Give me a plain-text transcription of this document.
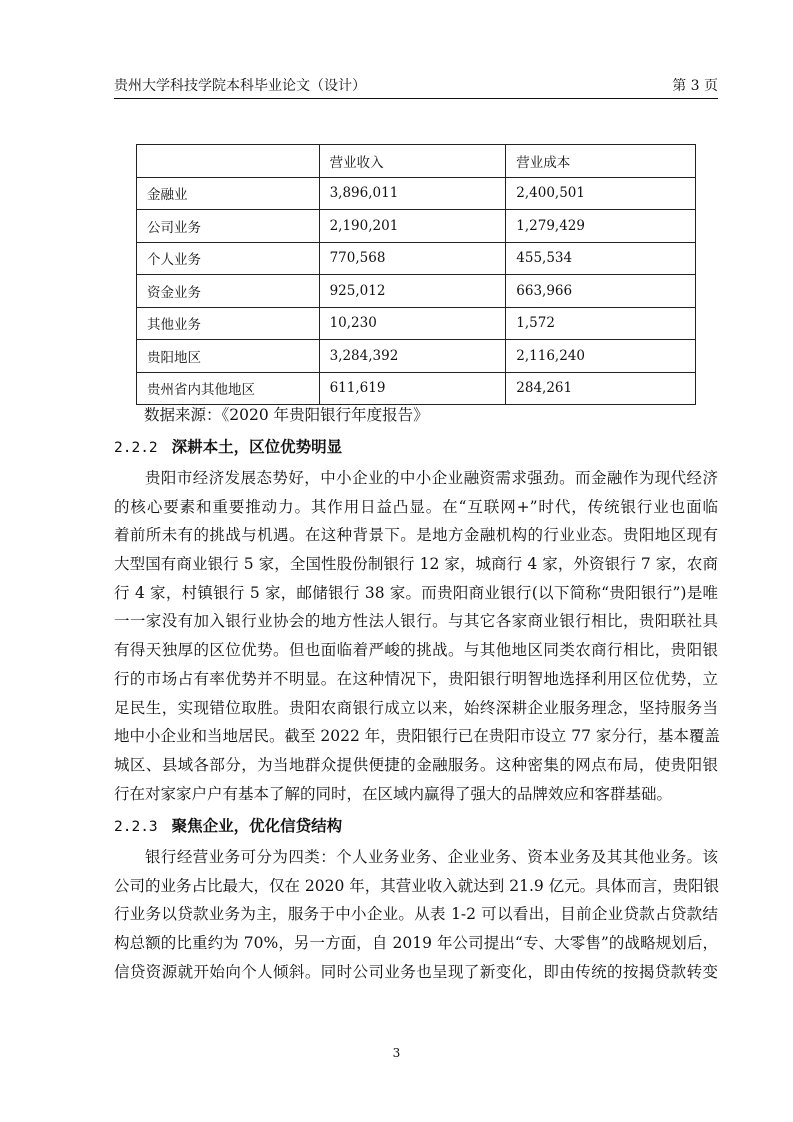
贵州大学科技学院本科毕业论文（设计）	第 3 页
	营业收入	营业成本
金融业	3,896,011	2,400,501
公司业务	2,190,201	1,279,429
个人业务	770,568	455,534
资金业务	925,012	663,966
其他业务	10,230	1,572
贵阳地区	3,284,392	2,116,240
贵州省内其他地区	611,619	284,261
数据来源：《2020 年贵阳银行年度报告》
2.2.2 深耕本土，区位优势明显
贵阳市经济发展态势好，中小企业的中小企业融资需求强劲。而金融作为现代经济
的核心要素和重要推动力。其作用日益凸显。在“互联网+”时代，传统银行业也面临
着前所未有的挑战与机遇。在这种背景下。是地方金融机构的行业业态。贵阳地区现有
大型国有商业银行 5 家，全国性股份制银行 12 家，城商行 4 家，外资银行 7 家，农商
行 4 家，村镇银行 5 家，邮储银行 38 家。而贵阳商业银行(以下简称“贵阳银行”)是唯
一一家没有加入银行业协会的地方性法人银行。与其它各家商业银行相比，贵阳联社具
有得天独厚的区位优势。但也面临着严峻的挑战。与其他地区同类农商行相比，贵阳银
行的市场占有率优势并不明显。在这种情况下，贵阳银行明智地选择利用区位优势，立
足民生，实现错位取胜。贵阳农商银行成立以来，始终深耕企业服务理念，坚持服务当
地中小企业和当地居民。截至 2022 年，贵阳银行已在贵阳市设立 77 家分行，基本覆盖
城区、县域各部分，为当地群众提供便捷的金融服务。这种密集的网点布局，使贵阳银
行在对家家户户有基本了解的同时，在区域内赢得了强大的品牌效应和客群基础。
2.2.3 聚焦企业，优化信贷结构
银行经营业务可分为四类：个人业务业务、企业业务、资本业务及其其他业务。该
公司的业务占比最大，仅在 2020 年，其营业收入就达到 21.9 亿元。具体而言，贵阳银
行业务以贷款业务为主，服务于中小企业。从表 1-2 可以看出，目前企业贷款占贷款结
构总额的比重约为 70%，另一方面，自 2019 年公司提出“专、大零售”的战略规划后，
信贷资源就开始向个人倾斜。同时公司业务也呈现了新变化，即由传统的按揭贷款转变
3
